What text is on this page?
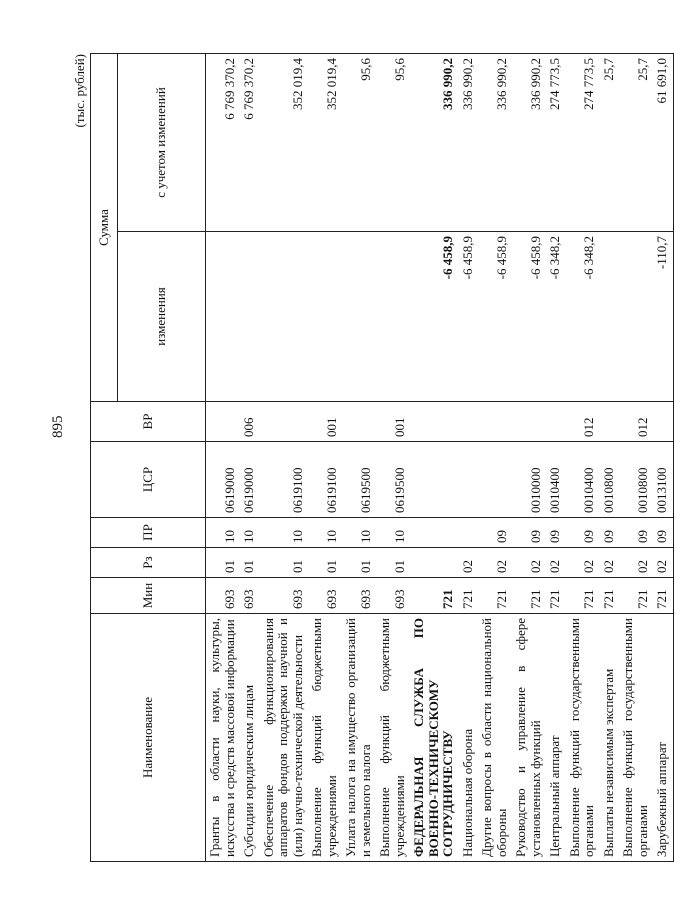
895
(тыс. рублей)
Наименование	Мин	Рз	ПР	ЦСР	ВР	Сумма	
						изменения	с учетом изменений
Гранты в области науки, культуры, искусства и средств массовой информации	693	01	10	0619000			6 769 370,2
Субсидии юридическим лицам	693	01	10	0619000	006		6 769 370,2
Обеспечение функционирования аппаратов фондов поддержки научной и (или) научно-технической деятельности	693	01	10	0619100			352 019,4
Выполнение функций бюджетными учреждениями	693	01	10	0619100	001		352 019,4
Уплата налога на имущество организаций и земельного налога	693	01	10	0619500			95,6
Выполнение функций бюджетными учреждениями	693	01	10	0619500	001		95,6
ФЕДЕРАЛЬНАЯ СЛУЖБА ПО ВОЕННО-ТЕХНИЧЕСКОМУ СОТРУДНИЧЕСТВУ	721					-6 458,9	336 990,2
Национальная оборона	721	02				-6 458,9	336 990,2
Другие вопросы в области национальной обороны	721	02	09			-6 458,9	336 990,2
Руководство и управление в сфере установленных функций	721	02	09	0010000		-6 458,9	336 990,2
Центральный аппарат	721	02	09	0010400		-6 348,2	274 773,5
Выполнение функций государственными органами	721	02	09	0010400	012	-6 348,2	274 773,5
Выплаты независимым экспертам	721	02	09	0010800			25,7
Выполнение функций государственными органами	721	02	09	0010800	012		25,7
Зарубежный аппарат	721	02	09	0013100		-110,7	61 691,0
